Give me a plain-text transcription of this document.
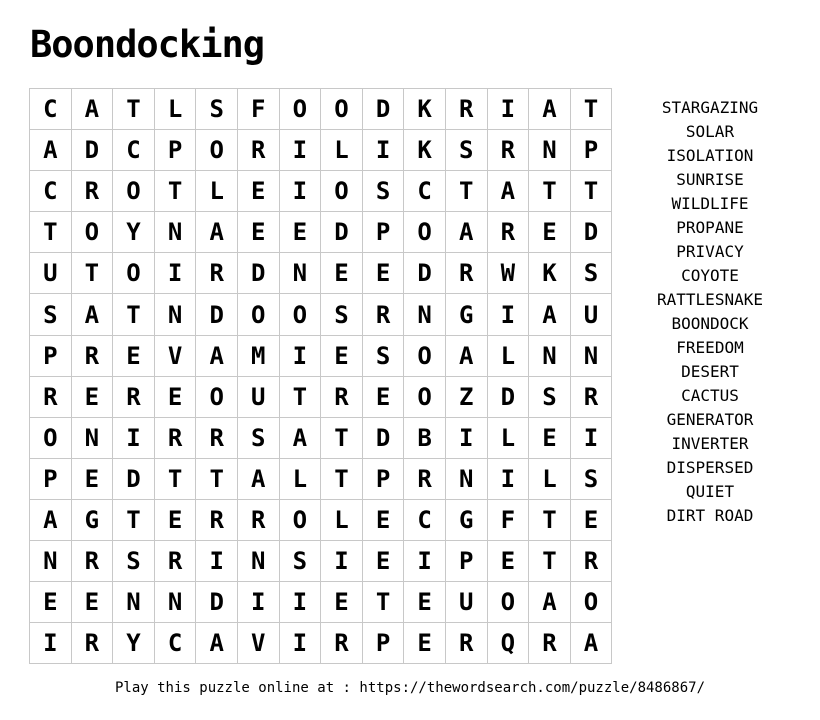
Boondocking
C	A	T	L	S	F	O	O	D	K	R	I	A	T
A	D	C	P	O	R	I	L	I	K	S	R	N	P
C	R	O	T	L	E	I	O	S	C	T	A	T	T
T	O	Y	N	A	E	E	D	P	O	A	R	E	D
U	T	O	I	R	D	N	E	E	D	R	W	K	S
S	A	T	N	D	O	O	S	R	N	G	I	A	U
P	R	E	V	A	M	I	E	S	O	A	L	N	N
R	E	R	E	O	U	T	R	E	O	Z	D	S	R
O	N	I	R	R	S	A	T	D	B	I	L	E	I
P	E	D	T	T	A	L	T	P	R	N	I	L	S
A	G	T	E	R	R	O	L	E	C	G	F	T	E
N	R	S	R	I	N	S	I	E	I	P	E	T	R
E	E	N	N	D	I	I	E	T	E	U	O	A	O
I	R	Y	C	A	V	I	R	P	E	R	Q	R	A
STARGAZING
SOLAR
ISOLATION
SUNRISE
WILDLIFE
PROPANE
PRIVACY
COYOTE
RATTLESNAKE
BOONDOCK
FREEDOM
DESERT
CACTUS
GENERATOR
INVERTER
DISPERSED
QUIET
DIRT ROAD
Play this puzzle online at : https://thewordsearch.com/puzzle/8486867/
